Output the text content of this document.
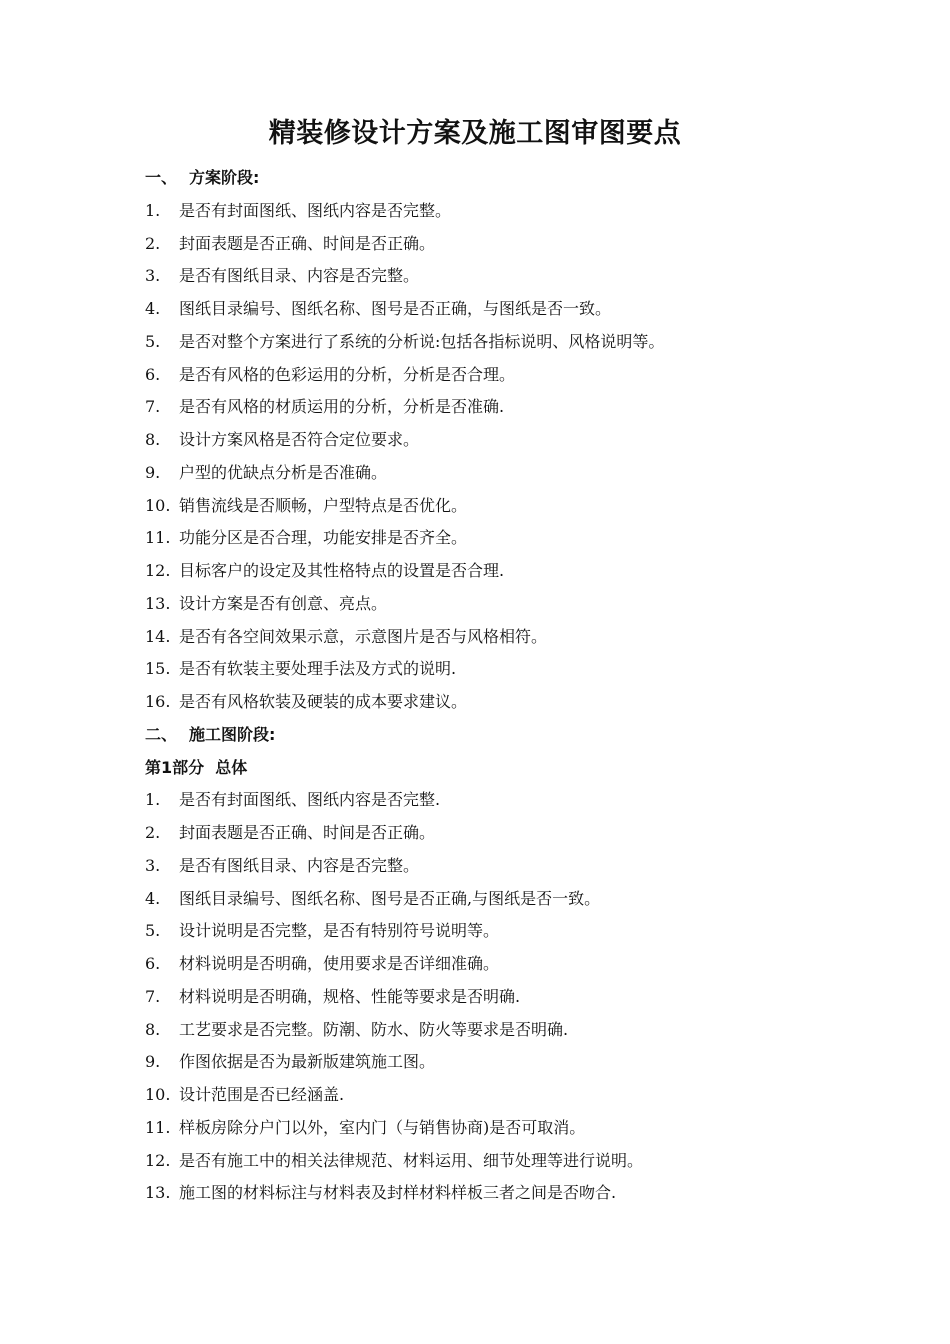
精装修设计方案及施工图审图要点
一、 方案阶段:
1. 是否有封面图纸、图纸内容是否完整。
2. 封面表题是否正确、时间是否正确。
3. 是否有图纸目录、内容是否完整。
4. 图纸目录编号、图纸名称、图号是否正确，与图纸是否一致。
5. 是否对整个方案进行了系统的分析说:包括各指标说明、风格说明等。
6. 是否有风格的色彩运用的分析，分析是否合理。
7. 是否有风格的材质运用的分析，分析是否准确.
8. 设计方案风格是否符合定位要求。
9. 户型的优缺点分析是否准确。
10. 销售流线是否顺畅，户型特点是否优化。
11. 功能分区是否合理，功能安排是否齐全。
12. 目标客户的设定及其性格特点的设置是否合理.
13. 设计方案是否有创意、亮点。
14. 是否有各空间效果示意，示意图片是否与风格相符。
15. 是否有软装主要处理手法及方式的说明.
16. 是否有风格软装及硬装的成本要求建议。
二、 施工图阶段:
第1部分  总体
1. 是否有封面图纸、图纸内容是否完整.
2. 封面表题是否正确、时间是否正确。
3. 是否有图纸目录、内容是否完整。
4. 图纸目录编号、图纸名称、图号是否正确,与图纸是否一致。
5. 设计说明是否完整，是否有特别符号说明等。
6. 材料说明是否明确，使用要求是否详细准确。
7. 材料说明是否明确，规格、性能等要求是否明确.
8. 工艺要求是否完整。防潮、防水、防火等要求是否明确.
9. 作图依据是否为最新版建筑施工图。
10. 设计范围是否已经涵盖.
11. 样板房除分户门以外，室内门（与销售协商)是否可取消。
12. 是否有施工中的相关法律规范、材料运用、细节处理等进行说明。
13. 施工图的材料标注与材料表及封样材料样板三者之间是否吻合.
